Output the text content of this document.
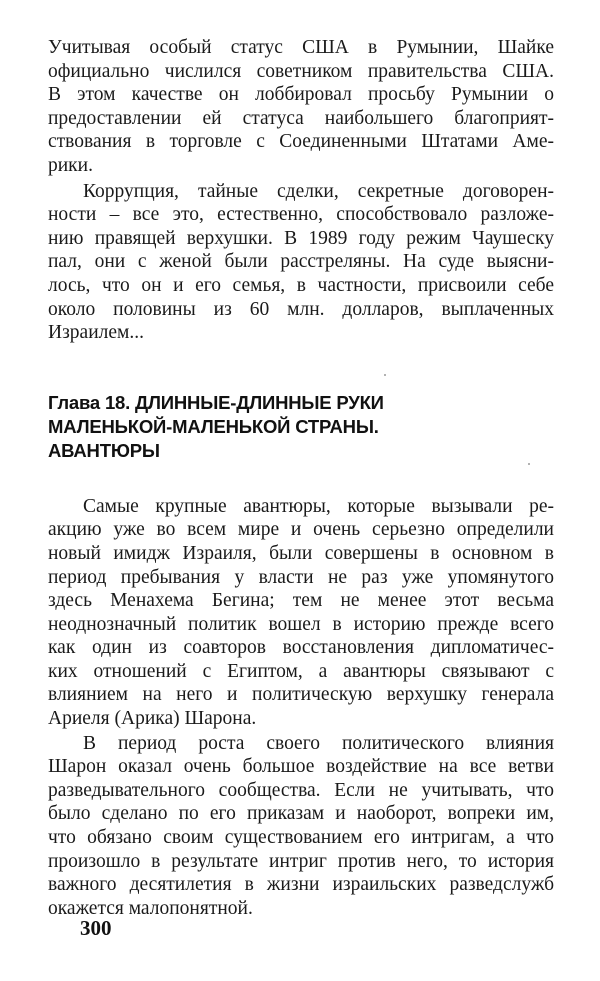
Учитывая особый статус США в Румынии, Шайке
официально числился советником правительства США.
В этом качестве он лоббировал просьбу Румынии о
предоставлении ей статуса наибольшего благоприят-
ствования в торговле с Соединенными Штатами Аме-
рики.

Коррупция, тайные сделки, секретные договорен-
ности – все это, естественно, способствовало разложе-
нию правящей верхушки. В 1989 году режим Чаушеску
пал, они с женой были расстреляны. На суде выясни-
лось, что он и его семья, в частности, присвоили себе
около половины из 60 млн. долларов, выплаченных
Израилем...

Глава 18. ДЛИННЫЕ-ДЛИННЫЕ РУКИ
МАЛЕНЬКОЙ-МАЛЕНЬКОЙ СТРАНЫ.
АВАНТЮРЫ

Самые крупные авантюры, которые вызывали ре-
акцию уже во всем мире и очень серьезно определили
новый имидж Израиля, были совершены в основном в
период пребывания у власти не раз уже упомянутого
здесь Менахема Бегина; тем не менее этот весьма
неоднозначный политик вошел в историю прежде всего
как один из соавторов восстановления дипломатичес-
ких отношений с Египтом, а авантюры связывают с
влиянием на него и политическую верхушку генерала
Ариеля (Арика) Шарона.

В период роста своего политического влияния
Шарон оказал очень большое воздействие на все ветви
разведывательного сообщества. Если не учитывать, что
было сделано по его приказам и наоборот, вопреки им,
что обязано своим существованием его интригам, а что
произошло в результате интриг против него, то история
важного десятилетия в жизни израильских разведслужб
окажется малопонятной.

300
